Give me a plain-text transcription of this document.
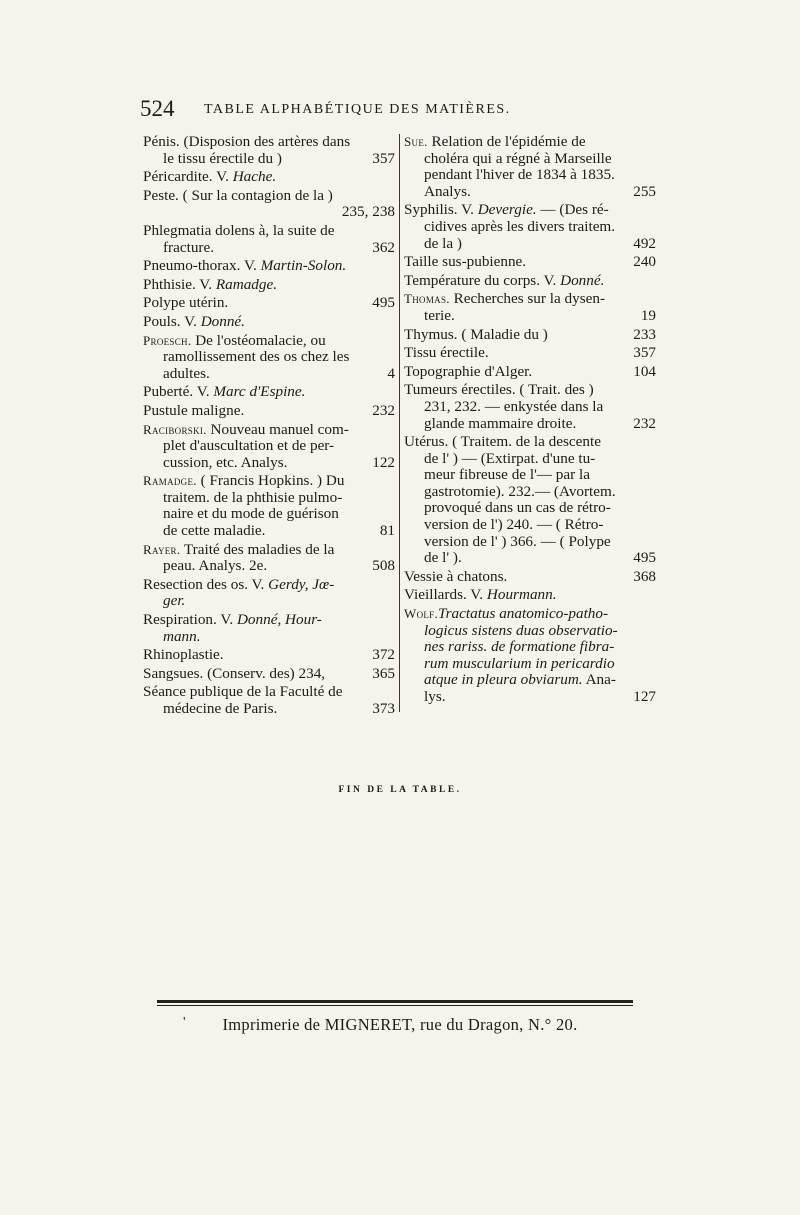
524 TABLE ALPHABÉTIQUE DES MATIÈRES.
Pénis. (Disposion des artères dans
le tissu érectile du )	357
Péricardite. V. Hache.
Peste. ( Sur la contagion de la )
235, 238
Phlegmatia dolens à, la suite de
fracture.	362
Pneumo-thorax. V. Martin-Solon.
Phthisie. V. Ramadge.
Polype utérin.	495
Pouls. V. Donné.
Proesch. De l'ostéomalacie, ou
ramollissement des os chez les
adultes.	4
Puberté. V. Marc d'Espine.
Pustule maligne.	232
Raciborski. Nouveau manuel com-
plet d'auscultation et de per-
cussion, etc. Analys.	122
Ramadge. ( Francis Hopkins. ) Du
traitem. de la phthisie pulmo-
naire et du mode de guérison
de cette maladie.	81
Rayer. Traité des maladies de la
peau. Analys. 2e.	508
Resection des os. V. Gerdy, Jœ-
ger.
Respiration. V. Donné, Hour-
mann.
Rhinoplastie.	372
Sangsues. (Conserv. des) 234,	365
Séance publique de la Faculté de
médecine de Paris.	373
Sue. Relation de l'épidémie de
choléra qui a régné à Marseille
pendant l'hiver de 1834 à 1835.
Analys.	255
Syphilis. V. Devergie. — (Des ré-
cidives après les divers traitem.
de la )	492
Taille sus-pubienne.	240
Température du corps. V. Donné.
Thomas. Recherches sur la dysen-
terie.	19
Thymus. ( Maladie du )	233
Tissu érectile.	357
Topographie d'Alger.	104
Tumeurs érectiles. ( Trait. des )
231, 232. — enkystée dans la
glande mammaire droite.	232
Utérus. ( Traitem. de la descente
de l' ) — (Extirpat. d'une tu-
meur fibreuse de l'— par la
gastrotomie). 232.— (Avortem.
provoqué dans un cas de rétro-
version de l') 240. — ( Rétro-
version de l' ) 366. — ( Polype
de l' ).	495
Vessie à chatons.	368
Vieillards. V. Hourmann.
Wolf.Tractatus anatomico-patho-
logicus sistens duas observatio-
nes rariss. de formatione fibra-
rum muscularium in pericardio
atque in pleura obviarum. Ana-
lys.	127
FIN DE LA TABLE.
'	Imprimerie de MIGNERET, rue du Dragon, N.° 20.
